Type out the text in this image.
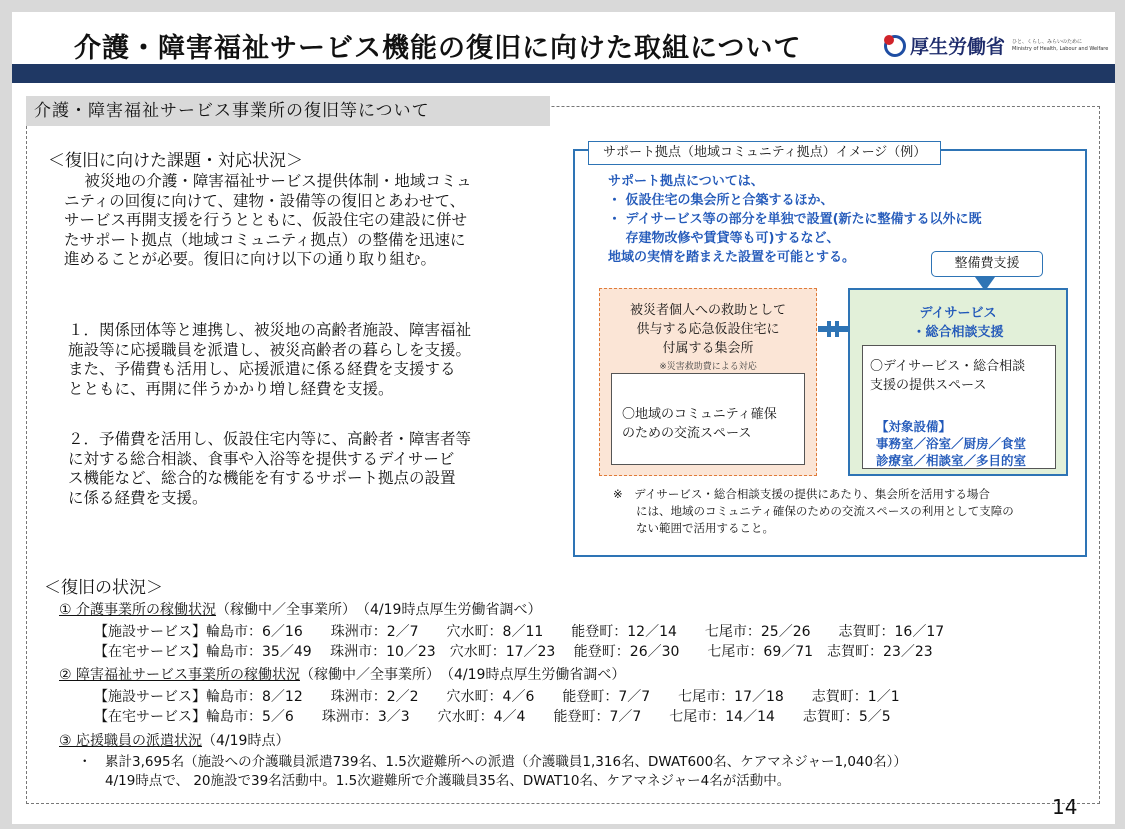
介護・障害福祉サービス機能の復旧に向けた取組について	厚生労働省 ひと、くらし、みらいのために
Ministry of Health, Labour and Welfare
介護・障害福祉サービス事業所の復旧等について
＜復旧に向けた課題・対応状況＞
　 被災地の介護・障害福祉サービス提供体制・地域コミュ
ニティの回復に向けて、建物・設備等の復旧とあわせて、
サービス再開支援を行うとともに、仮設住宅の建設に併せ
たサポート拠点（地域コミュニティ拠点）の整備を迅速に
進めることが必要。復旧に向け以下の通り取り組む。
１．関係団体等と連携し、被災地の高齢者施設、障害福祉
施設等に応援職員を派遣し、被災高齢者の暮らしを支援。
また、予備費も活用し、応援派遣に係る経費を支援する
とともに、再開に伴うかかり増し経費を支援。
２．予備費を活用し、仮設住宅内等に、高齢者・障害者等
に対する総合相談、食事や入浴等を提供するデイサービ
ス機能など、総合的な機能を有するサポート拠点の設置
に係る経費を支援。
サポート拠点（地域コミュニティ拠点）イメージ（例）
サポート拠点については、
・ 仮設住宅の集会所と合築するほか、
・ デイサービス等の部分を単独で設置(新たに整備する以外に既
　 存建物改修や賃貸等も可)するなど、
地域の実情を踏まえた設置を可能とする。	整備費支援
被災者個人への救助として
供与する応急仮設住宅に
付属する集会所
※災害救助費による対応
〇地域のコミュニティ確保
のための交流スペース
デイサービス
・総合相談支援
〇デイサービス・総合相談
支援の提供スペース
【対象設備】
事務室／浴室／厨房／食堂
診療室／相談室／多目的室
※　デイサービス・総合相談支援の提供にあたり、集会所を活用する場合
　　には、地域のコミュニティ確保のための交流スペースの利用として支障の
　　ない範囲で活用すること。
＜復旧の状況＞
① 介護事業所の稼働状況（稼働中／全事業所）　（4/19時点厚生労働省調べ）
【施設サービス】輪島市：6／16　　珠洲市：2／7　　穴水町：8／11　　能登町：12／14　　七尾市：25／26　　志賀町：16／17
【在宅サービス】輪島市：35／49　 珠洲市：10／23　穴水町：17／23　 能登町：26／30　　七尾市：69／71　志賀町：23／23
② 障害福祉サービス事業所の稼働状況（稼働中／全事業所）　（4/19時点厚生労働省調べ）
【施設サービス】輪島市：8／12　　珠洲市：2／2　　穴水町：4／6　　能登町：7／7　　七尾市：17／18　　志賀町：1／1
【在宅サービス】輪島市：5／6　　珠洲市：3／3　　穴水町：4／4　　能登町：7／7　　七尾市：14／14　　志賀町：5／5
③ 応援職員の派遣状況（4/19時点）
・　累計3,695名（施設への介護職員派遣739名、1.5次避難所への派遣（介護職員1,316名、DWAT600名、ケアマネジャー1,040名））
　　4/19時点で、 20施設で39名活動中。1.5次避難所で介護職員35名、DWAT10名、ケアマネジャー4名が活動中。
14
